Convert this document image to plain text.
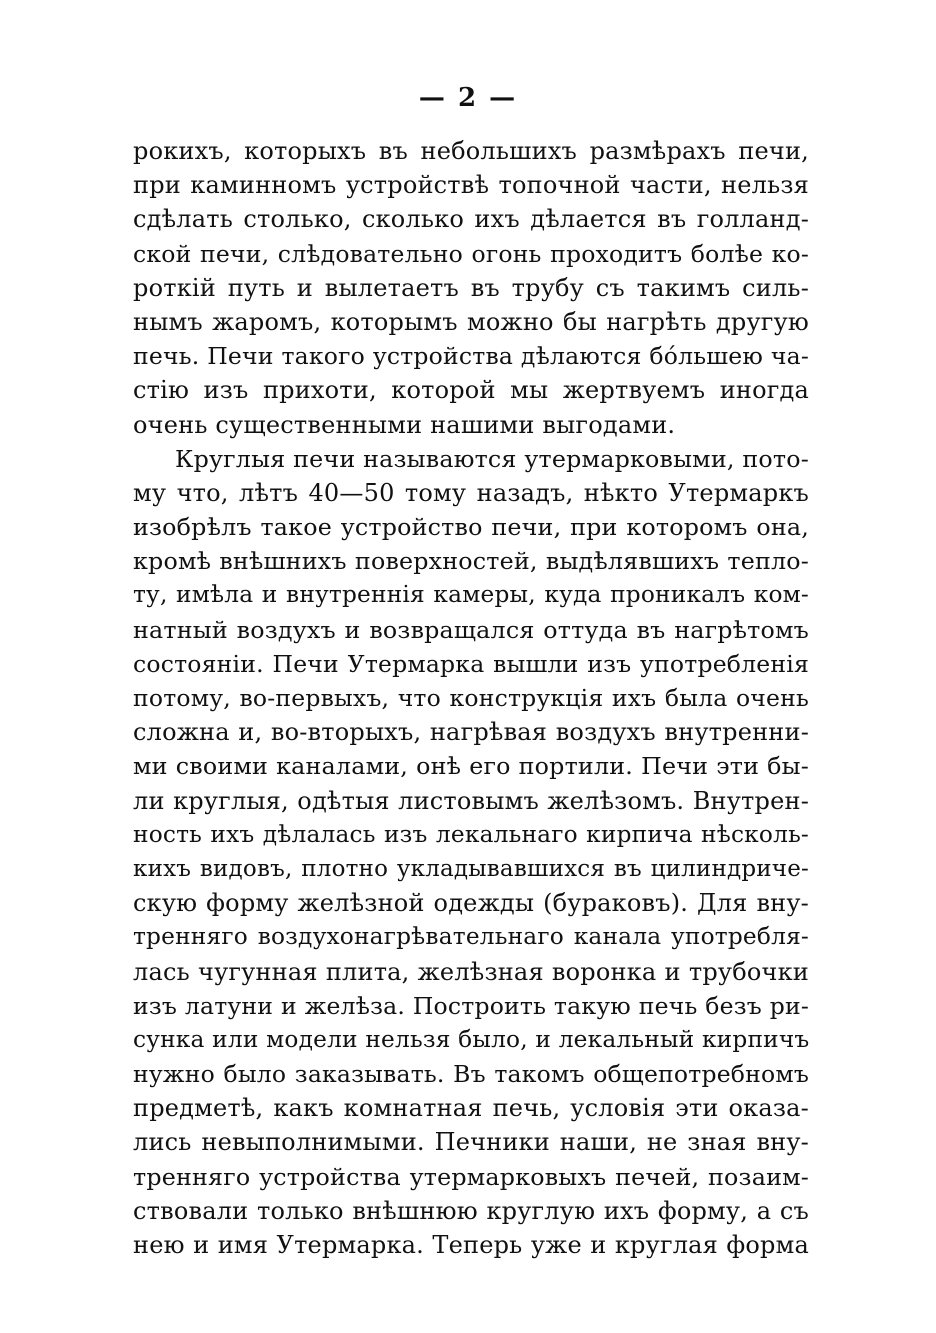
— 2 —
рокихъ, которыхъ въ небольшихъ размѣрахъ печи,
при каминномъ устройствѣ топочной части, нельзя
сдѣлать столько, сколько ихъ дѣлается въ голланд-
ской печи, слѣдовательно огонь проходитъ болѣе ко-
роткій путь и вылетаетъ въ трубу съ такимъ силь-
нымъ жаромъ, которымъ можно бы нагрѣть другую
печь. Печи такого устройства дѣлаются бо́льшею ча-
стію изъ прихоти, которой мы жертвуемъ иногда
очень существенными нашими выгодами.
Круглыя печи называются утермарковыми, пото-
му что, лѣтъ 40—50 тому назадъ, нѣкто Утермаркъ
изобрѣлъ такое устройство печи, при которомъ она,
кромѣ внѣшнихъ поверхностей, выдѣлявшихъ тепло-
ту, имѣла и внутреннія камеры, куда проникалъ ком-
натный воздухъ и возвращался оттуда въ нагрѣтомъ
состояніи. Печи Утермарка вышли изъ употребленія
потому, во-первыхъ, что конструкція ихъ была очень
сложна и, во-вторыхъ, нагрѣвая воздухъ внутренни-
ми своими каналами, онѣ его портили. Печи эти бы-
ли круглыя, одѣтыя листовымъ желѣзомъ. Внутрен-
ность ихъ дѣлалась изъ лекальнаго кирпича нѣсколь-
кихъ видовъ, плотно укладывавшихся въ цилиндриче-
скую форму желѣзной одежды (бураковъ). Для вну-
тренняго воздухонагрѣвательнаго канала употребля-
лась чугунная плита, желѣзная воронка и трубочки
изъ латуни и желѣза. Построить такую печь безъ ри-
сунка или модели нельзя было, и лекальный кирпичъ
нужно было заказывать. Въ такомъ общепотребномъ
предметѣ, какъ комнатная печь, условія эти оказа-
лись невыполнимыми. Печники наши, не зная вну-
тренняго устройства утермарковыхъ печей, позаим-
ствовали только внѣшнюю круглую ихъ форму, а съ
нею и имя Утермарка. Теперь уже и круглая форма
